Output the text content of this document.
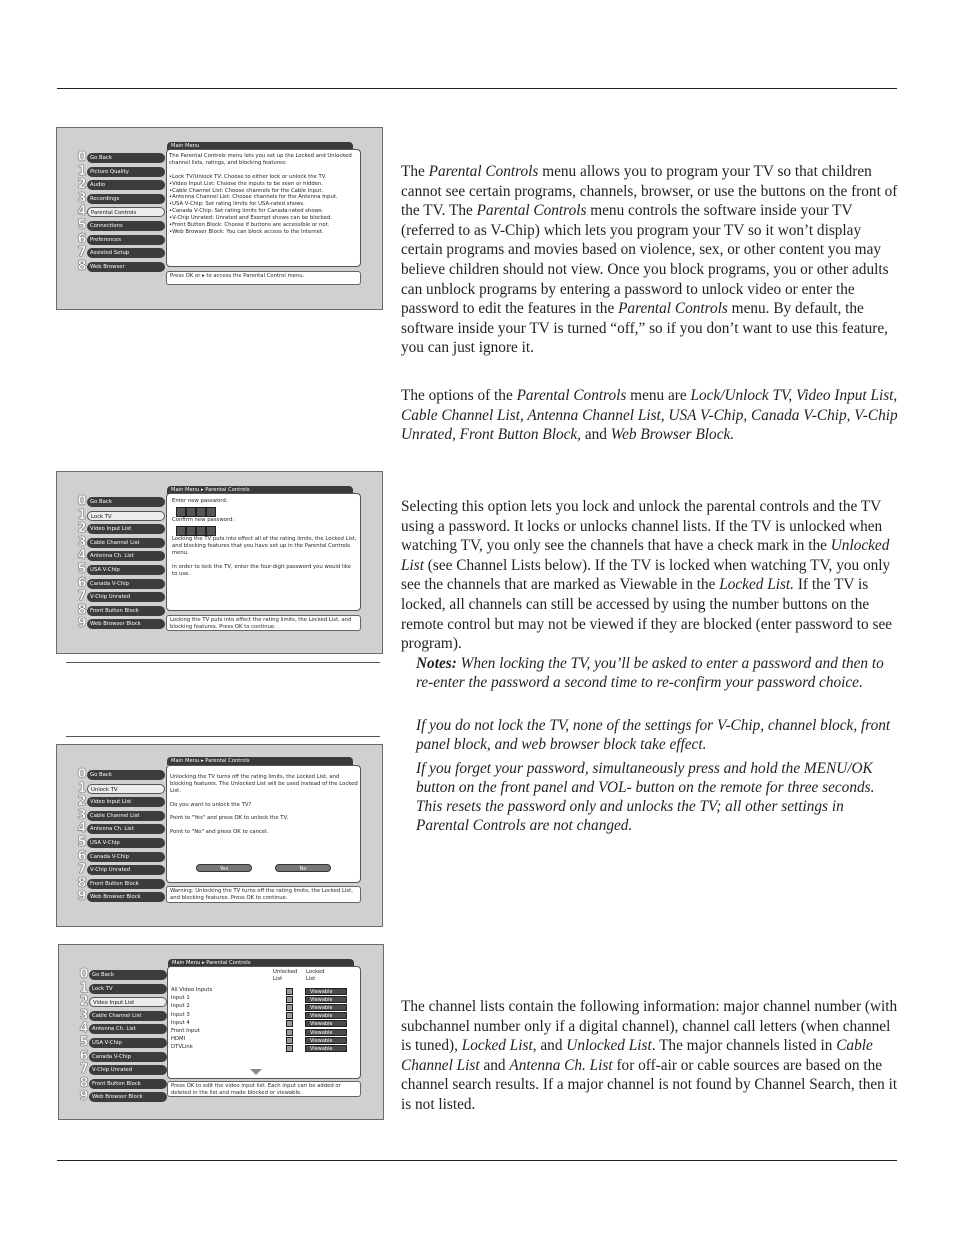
0 Go Back
1 Picture Quality
2 Audio
3 Recordings
4 Parental Controls
5 Connections
6 Preferences
7 Assisted Setup
8 Web Browser
Main Menu
The Parental Controls menu lets you set up the Locked and Unlocked channel lists, ratings, and blocking features:

•Lock TV/Unlock TV: Choose to either lock or unlock the TV.
•Video Input List: Choose the inputs to be seen or hidden.
•Cable Channel List: Choose channels for the Cable Input.
•Antenna Channel List: Choose channels for the Antenna Input.
•USA V-Chip: Set rating limits for USA-rated shows.
•Canada V-Chip: Set rating limits for Canada-rated shows.
•V-Chip Unrated: Unrated and Exempt shows can be blocked.
•Front Button Block: Choose if buttons are accessible or not.
•Web Browser Block: You can block access to the Internet.
Press OK or ▸ to access the Parental Control menu.
0 Go Back
1 Lock TV
2 Video Input List
3 Cable Channel List
4 Antenna Ch. List
5 USA V-Chip
6 Canada V-Chip
7 V-Chip Unrated
8 Front Button Block
9 Web Browser Block
Main Menu ▸ Parental Controls
Enter new password:
Confirm new password:
Locking the TV puts into effect all of the rating limits, the Locked List, and blocking features that you have set up in the Parental Controls menu.

In order to lock the TV, enter the four-digit password you would like to use.
Locking the TV puts into effect the rating limits, the Locked List, and blocking features. Press OK to continue.
0 Go Back
1 Unlock TV
2 Video Input List
3 Cable Channel List
4 Antenna Ch. List
5 USA V-Chip
6 Canada V-Chip
7 V-Chip Unrated
8 Front Button Block
9 Web Browser Block
Main Menu ▸ Parental Controls
Unlocking the TV turns off the rating limits, the Locked List, and blocking features. The Unlocked List will be used instead of the Locked List.

Do you want to unlock the TV?

Point to "Yes" and press OK to unlock the TV.

Point to "No" and press OK to cancel.
Yes	No
Warning: Unlocking the TV turns off the rating limits, the Locked List, and blocking features. Press OK to continue.
0 Go Back
1 Lock TV
2 Video Input List
3 Cable Channel List
4 Antenna Ch. List
5 USA V-Chip
6 Canada V-Chip
7 V-Chip Unrated
8 Front Button Block
9 Web Browser Block
Main Menu ▸ Parental Controls
Unlocked
List
Locked
List
All Video Inputs	Viewable
Input 1	Viewable
Input 2	Viewable
Input 3	Viewable
Input 4	Viewable
Front Input	Viewable
HDMI	Viewable
DTVLink	Viewable
Press OK to edit the video input list. Each input can be added or deleted in the list and made blocked or viewable.

The Parental Controls menu allows you to program your TV so that children cannot see certain programs, channels, browser, or use the buttons on the front of the TV. The Parental Controls menu controls the software inside your TV (referred to as V-Chip) which lets you program your TV so it won’t display certain programs and movies based on violence, sex, or other content you may believe children should not view. Once you block programs, you or other adults can unblock programs by entering a password to unlock video or enter the password to edit the features in the Parental Controls menu. By default, the software inside your TV is turned “off,” so if you don’t want to use this feature, you can just ignore it.

The options of the Parental Controls menu are Lock/Unlock TV, Video Input List, Cable Channel List, Antenna Channel List, USA V-Chip, Canada V-Chip, V-Chip Unrated, Front Button Block, and Web Browser Block.

Selecting this option lets you lock and unlock the parental controls and the TV using a password. It locks or unlocks channel lists. If the TV is unlocked when watching TV, you only see the channels that have a check mark in the Unlocked List (see Channel Lists below). If the TV is locked when watching TV, you only see the channels that are marked as Viewable in the Locked List. If the TV is locked, all channels can still be accessed by using the number buttons on the remote control but may not be viewed if they are blocked (enter password to see program).

Notes: When locking the TV, you’ll be asked to enter a password and then to re-enter the password a second time to re-confirm your password choice.

If you do not lock the TV, none of the settings for V-Chip, channel block, front panel block, and web browser block take effect.

If you forget your password, simultaneously press and hold the MENU/OK button on the front panel and VOL- button on the remote for three seconds. This resets the password only and unlocks the TV; all other settings in Parental Controls are not changed.

The channel lists contain the following information: major channel number (with subchannel number only if a digital channel), channel call letters (when channel is tuned), Locked List, and Unlocked List. The major channels listed in Cable Channel List and Antenna Ch. List for off-air or cable sources are based on the channel search results. If a major channel is not found by Channel Search, then it is not listed.
